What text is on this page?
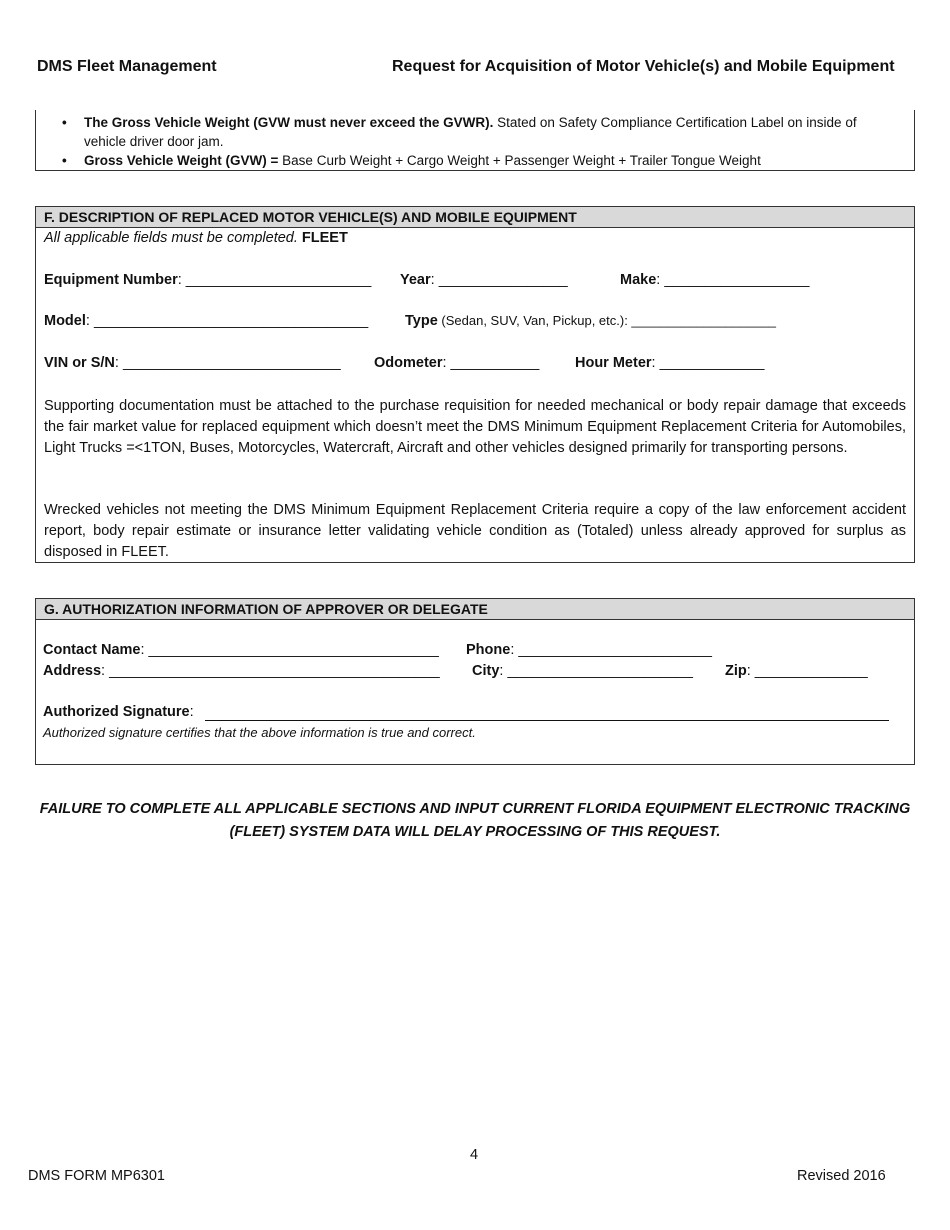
DMS Fleet Management	Request for Acquisition of Motor Vehicle(s) and Mobile Equipment
• The Gross Vehicle Weight (GVW must never exceed the GVWR). Stated on Safety Compliance Certification Label on inside of vehicle driver door jam.
• Gross Vehicle Weight (GVW) = Base Curb Weight + Cargo Weight + Passenger Weight + Trailer Tongue Weight
F. DESCRIPTION OF REPLACED MOTOR VEHICLE(S) AND MOBILE EQUIPMENT
All applicable fields must be completed. FLEET
Equipment Number: _______________________ Year: ________________	Make: __________________
Model: __________________________________	Type (Sedan, SUV, Van, Pickup, etc.): ____________________
VIN or S/N: ___________________________ Odometer: ___________ Hour Meter: _____________
Supporting documentation must be attached to the purchase requisition for needed mechanical or body repair damage that exceeds the fair market value for replaced equipment which doesn’t meet the DMS Minimum Equipment Replacement Criteria for Automobiles, Light Trucks =<1TON, Buses, Motorcycles, Watercraft, Aircraft and other vehicles designed primarily for transporting persons.
Wrecked vehicles not meeting the DMS Minimum Equipment Replacement Criteria require a copy of the law enforcement accident report, body repair estimate or insurance letter validating vehicle condition as (Totaled) unless already approved for surplus as disposed in FLEET.
G. AUTHORIZATION INFORMATION OF APPROVER OR DELEGATE
Contact Name: ____________________________________ Phone: ________________________
Address: _________________________________________ City: _______________________ Zip: ______________
Authorized Signature:
Authorized signature certifies that the above information is true and correct.
FAILURE TO COMPLETE ALL APPLICABLE SECTIONS AND INPUT CURRENT FLORIDA EQUIPMENT ELECTRONIC TRACKING (FLEET) SYSTEM DATA WILL DELAY PROCESSING OF THIS REQUEST.
4
DMS FORM MP6301	Revised 2016
